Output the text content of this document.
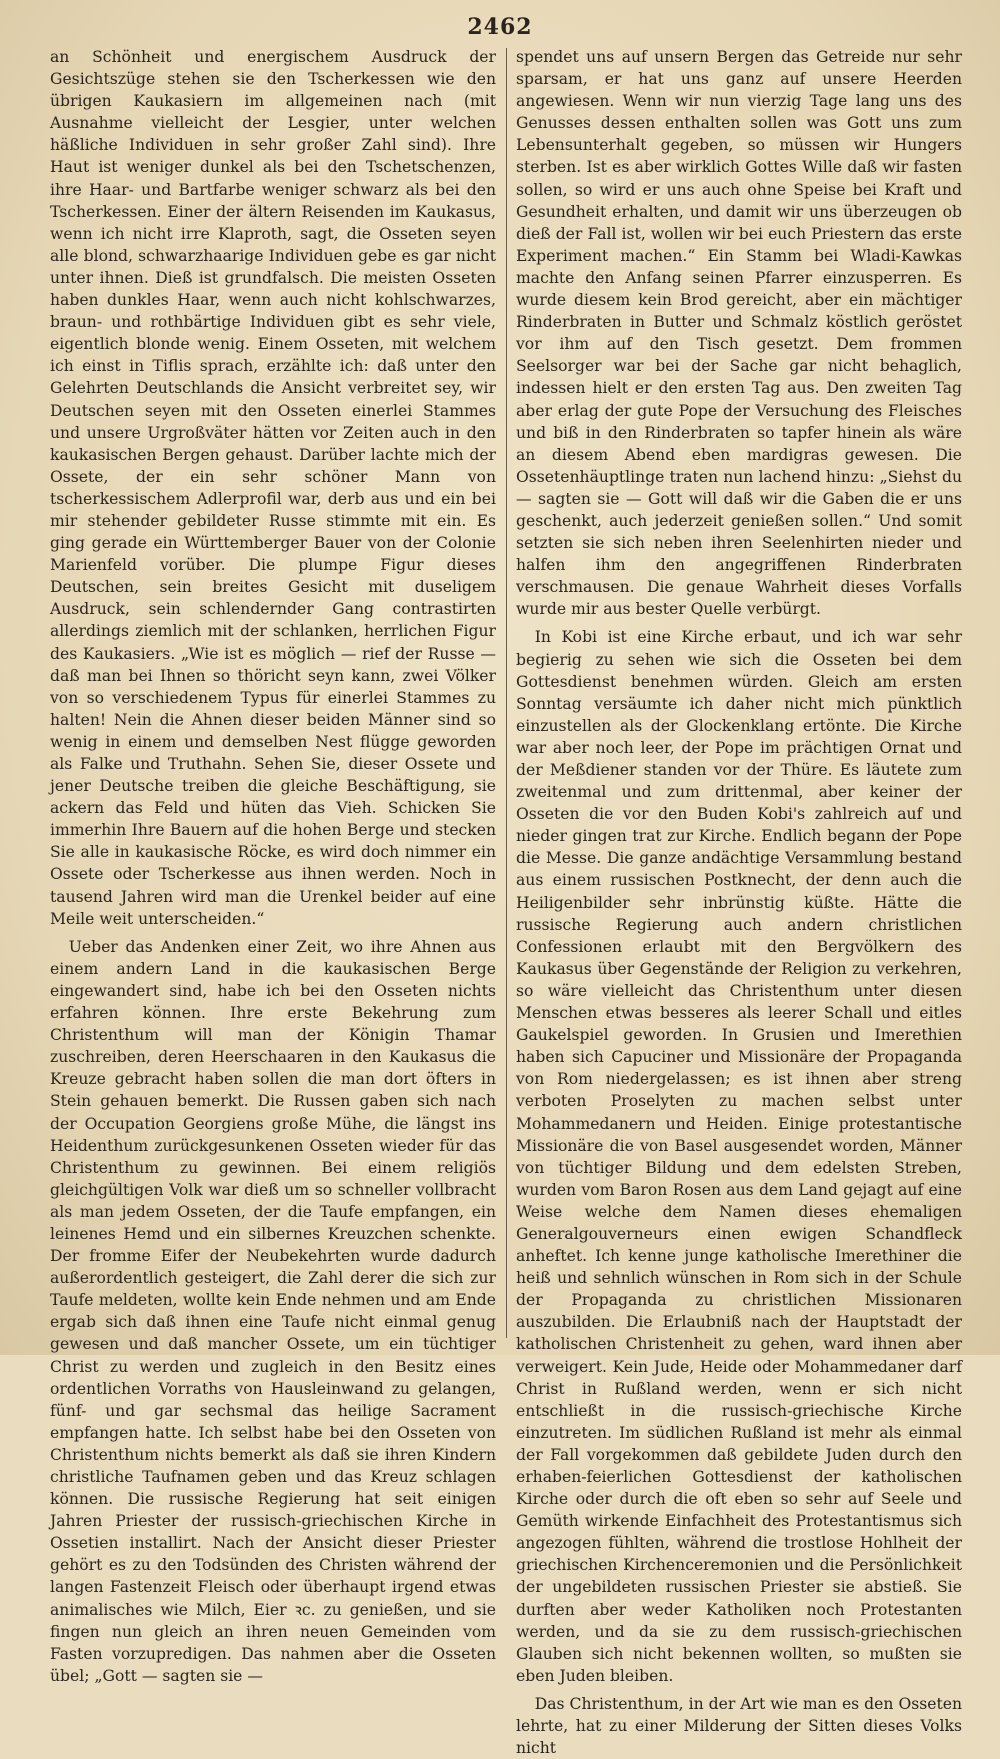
2462

an Schönheit und energischem Ausdruck der Gesichtszüge stehen sie den Tscherkessen wie den übrigen Kaukasiern im allgemeinen nach (mit Ausnahme vielleicht der Lesgier, unter welchen häßliche Individuen in sehr großer Zahl sind). Ihre Haut ist weniger dunkel als bei den Tschetschenzen, ihre Haar- und Bartfarbe weniger schwarz als bei den Tscherkessen. Einer der ältern Reisenden im Kaukasus, wenn ich nicht irre Klaproth, sagt, die Osseten seyen alle blond, schwarzhaarige Individuen gebe es gar nicht unter ihnen. Dieß ist grundfalsch. Die meisten Osseten haben dunkles Haar, wenn auch nicht kohlschwarzes, braun- und rothbärtige Individuen gibt es sehr viele, eigentlich blonde wenig. Einem Osseten, mit welchem ich einst in Tiflis sprach, erzählte ich: daß unter den Gelehrten Deutschlands die Ansicht verbreitet sey, wir Deutschen seyen mit den Osseten einerlei Stammes und unsere Urgroßväter hätten vor Zeiten auch in den kaukasischen Bergen gehaust. Darüber lachte mich der Ossete, der ein sehr schöner Mann von tscherkessischem Adlerprofil war, derb aus und ein bei mir stehender gebildeter Russe stimmte mit ein. Es ging gerade ein Württemberger Bauer von der Colonie Marienfeld vorüber. Die plumpe Figur dieses Deutschen, sein breites Gesicht mit duseligem Ausdruck, sein schlendernder Gang contrastirten allerdings ziemlich mit der schlanken, herrlichen Figur des Kaukasiers. „Wie ist es möglich — rief der Russe — daß man bei Ihnen so thöricht seyn kann, zwei Völker von so verschiedenem Typus für einerlei Stammes zu halten! Nein die Ahnen dieser beiden Männer sind so wenig in einem und demselben Nest flügge geworden als Falke und Truthahn. Sehen Sie, dieser Ossete und jener Deutsche treiben die gleiche Beschäftigung, sie ackern das Feld und hüten das Vieh. Schicken Sie immerhin Ihre Bauern auf die hohen Berge und stecken Sie alle in kaukasische Röcke, es wird doch nimmer ein Ossete oder Tscherkesse aus ihnen werden. Noch in tausend Jahren wird man die Urenkel beider auf eine Meile weit unterscheiden.“

Ueber das Andenken einer Zeit, wo ihre Ahnen aus einem andern Land in die kaukasischen Berge eingewandert sind, habe ich bei den Osseten nichts erfahren können. Ihre erste Bekehrung zum Christenthum will man der Königin Thamar zuschreiben, deren Heerschaaren in den Kaukasus die Kreuze gebracht haben sollen die man dort öfters in Stein gehauen bemerkt. Die Russen gaben sich nach der Occupation Georgiens große Mühe, die längst ins Heidenthum zurückgesunkenen Osseten wieder für das Christenthum zu gewinnen. Bei einem religiös gleichgültigen Volk war dieß um so schneller vollbracht als man jedem Osseten, der die Taufe empfangen, ein leinenes Hemd und ein silbernes Kreuzchen schenkte. Der fromme Eifer der Neubekehrten wurde dadurch außerordentlich gesteigert, die Zahl derer die sich zur Taufe meldeten, wollte kein Ende nehmen und am Ende ergab sich daß ihnen eine Taufe nicht einmal genug gewesen und daß mancher Ossete, um ein tüchtiger Christ zu werden und zugleich in den Besitz eines ordentlichen Vorraths von Hausleinwand zu gelangen, fünf- und gar sechsmal das heilige Sacrament empfangen hatte. Ich selbst habe bei den Osseten von Christenthum nichts bemerkt als daß sie ihren Kindern christliche Taufnamen geben und das Kreuz schlagen können. Die russische Regierung hat seit einigen Jahren Priester der russisch-griechischen Kirche in Ossetien installirt. Nach der Ansicht dieser Priester gehört es zu den Todsünden des Christen während der langen Fastenzeit Fleisch oder überhaupt irgend etwas animalisches wie Milch, Eier ꝛc. zu genießen, und sie fingen nun gleich an ihren neuen Gemeinden vom Fasten vorzupredigen. Das nahmen aber die Osseten übel; „Gott — sagten sie —

spendet uns auf unsern Bergen das Getreide nur sehr sparsam, er hat uns ganz auf unsere Heerden angewiesen. Wenn wir nun vierzig Tage lang uns des Genusses dessen enthalten sollen was Gott uns zum Lebensunterhalt gegeben, so müssen wir Hungers sterben. Ist es aber wirklich Gottes Wille daß wir fasten sollen, so wird er uns auch ohne Speise bei Kraft und Gesundheit erhalten, und damit wir uns überzeugen ob dieß der Fall ist, wollen wir bei euch Priestern das erste Experiment machen.“ Ein Stamm bei Wladi-Kawkas machte den Anfang seinen Pfarrer einzusperren. Es wurde diesem kein Brod gereicht, aber ein mächtiger Rinderbraten in Butter und Schmalz köstlich geröstet vor ihm auf den Tisch gesetzt. Dem frommen Seelsorger war bei der Sache gar nicht behaglich, indessen hielt er den ersten Tag aus. Den zweiten Tag aber erlag der gute Pope der Versuchung des Fleisches und biß in den Rinderbraten so tapfer hinein als wäre an diesem Abend eben mardigras gewesen. Die Ossetenhäuptlinge traten nun lachend hinzu: „Siehst du — sagten sie — Gott will daß wir die Gaben die er uns geschenkt, auch jederzeit genießen sollen.“ Und somit setzten sie sich neben ihren Seelenhirten nieder und halfen ihm den angegriffenen Rinderbraten verschmausen. Die genaue Wahrheit dieses Vorfalls wurde mir aus bester Quelle verbürgt.

In Kobi ist eine Kirche erbaut, und ich war sehr begierig zu sehen wie sich die Osseten bei dem Gottesdienst benehmen würden. Gleich am ersten Sonntag versäumte ich daher nicht mich pünktlich einzustellen als der Glockenklang ertönte. Die Kirche war aber noch leer, der Pope im prächtigen Ornat und der Meßdiener standen vor der Thüre. Es läutete zum zweitenmal und zum drittenmal, aber keiner der Osseten die vor den Buden Kobi's zahlreich auf und nieder gingen trat zur Kirche. Endlich begann der Pope die Messe. Die ganze andächtige Versammlung bestand aus einem russischen Postknecht, der denn auch die Heiligenbilder sehr inbrünstig küßte. Hätte die russische Regierung auch andern christlichen Confessionen erlaubt mit den Bergvölkern des Kaukasus über Gegenstände der Religion zu verkehren, so wäre vielleicht das Christenthum unter diesen Menschen etwas besseres als leerer Schall und eitles Gaukelspiel geworden. In Grusien und Imerethien haben sich Capuciner und Missionäre der Propaganda von Rom niedergelassen; es ist ihnen aber streng verboten Proselyten zu machen selbst unter Mohammedanern und Heiden. Einige protestantische Missionäre die von Basel ausgesendet worden, Männer von tüchtiger Bildung und dem edelsten Streben, wurden vom Baron Rosen aus dem Land gejagt auf eine Weise welche dem Namen dieses ehemaligen Generalgouverneurs einen ewigen Schandfleck anheftet. Ich kenne junge katholische Imerethiner die heiß und sehnlich wünschen in Rom sich in der Schule der Propaganda zu christlichen Missionaren auszubilden. Die Erlaubniß nach der Hauptstadt der katholischen Christenheit zu gehen, ward ihnen aber verweigert. Kein Jude, Heide oder Mohammedaner darf Christ in Rußland werden, wenn er sich nicht entschließt in die russisch-griechische Kirche einzutreten. Im südlichen Rußland ist mehr als einmal der Fall vorgekommen daß gebildete Juden durch den erhaben-feierlichen Gottesdienst der katholischen Kirche oder durch die oft eben so sehr auf Seele und Gemüth wirkende Einfachheit des Protestantismus sich angezogen fühlten, während die trostlose Hohlheit der griechischen Kirchenceremonien und die Persönlichkeit der ungebildeten russischen Priester sie abstieß. Sie durften aber weder Katholiken noch Protestanten werden, und da sie zu dem russisch-griechischen Glauben sich nicht bekennen wollten, so mußten sie eben Juden bleiben.

Das Christenthum, in der Art wie man es den Osseten lehrte, hat zu einer Milderung der Sitten dieses Volks nicht
